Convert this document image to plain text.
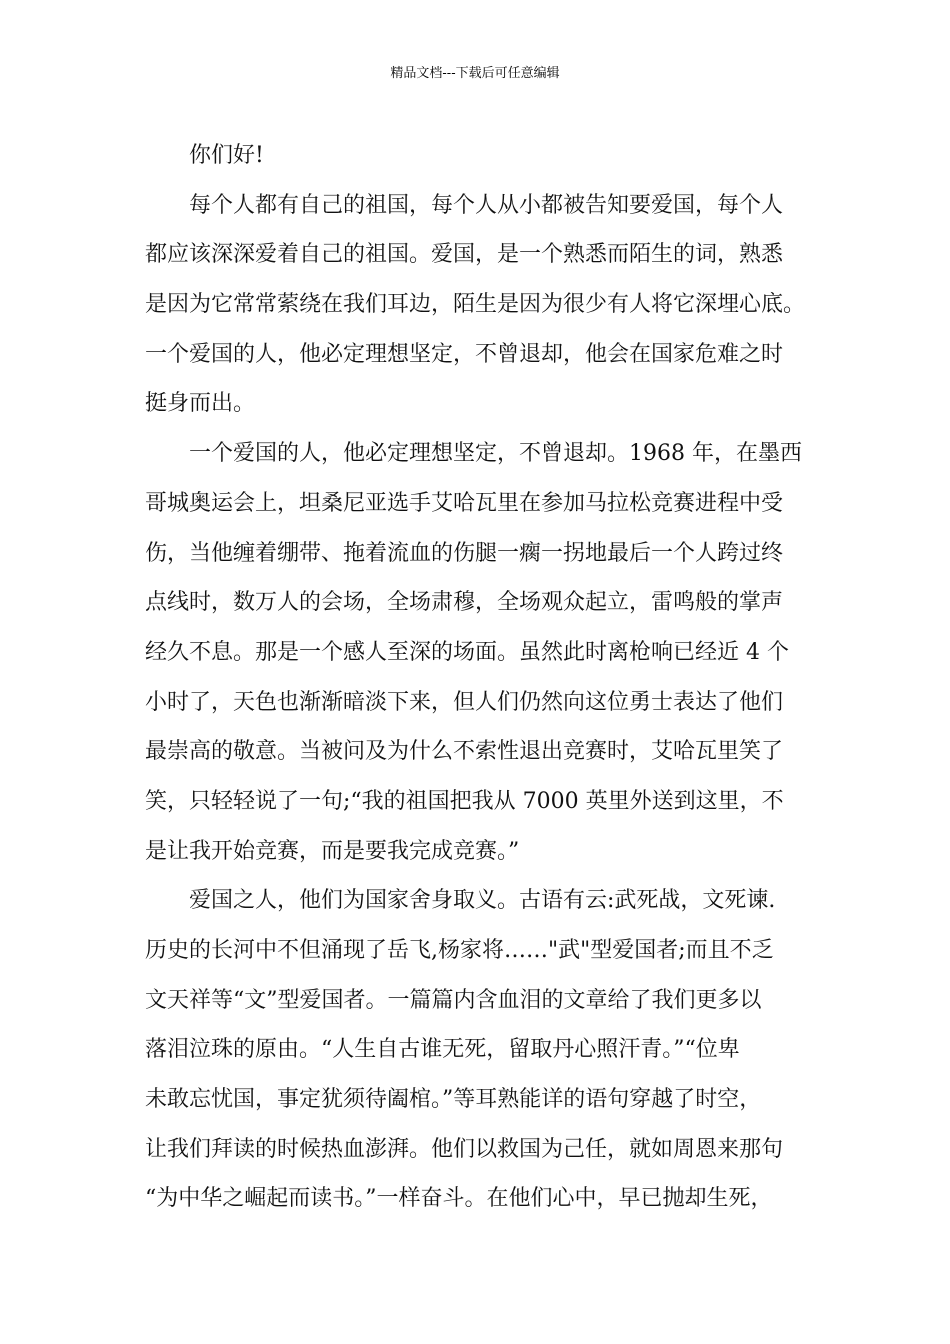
精品文档---下载后可任意编辑
你们好!
每个人都有自己的祖国，每个人从小都被告知要爱国，每个人
都应该深深爱着自己的祖国。爱国，是一个熟悉而陌生的词，熟悉
是因为它常常萦绕在我们耳边，陌生是因为很少有人将它深埋心底。
一个爱国的人，他必定理想坚定，不曾退却，他会在国家危难之时
挺身而出。
一个爱国的人，他必定理想坚定，不曾退却。1968 年，在墨西
哥城奥运会上，坦桑尼亚选手艾哈瓦里在参加马拉松竞赛进程中受
伤，当他缠着绷带、拖着流血的伤腿一瘸一拐地最后一个人跨过终
点线时，数万人的会场，全场肃穆，全场观众起立，雷鸣般的掌声
经久不息。那是一个感人至深的场面。虽然此时离枪响已经近 4 个
小时了，天色也渐渐暗淡下来，但人们仍然向这位勇士表达了他们
最崇高的敬意。当被问及为什么不索性退出竞赛时，艾哈瓦里笑了
笑，只轻轻说了一句;“我的祖国把我从 7000 英里外送到这里，不
是让我开始竞赛，而是要我完成竞赛。”
爱国之人，他们为国家舍身取义。古语有云:武死战，文死谏.
历史的长河中不但涌现了岳飞,杨家将……"武"型爱国者;而且不乏
文天祥等“文”型爱国者。一篇篇内含血泪的文章给了我们更多以
落泪泣珠的原由。“人生自古谁无死，留取丹心照汗青。”“位卑
未敢忘忧国，事定犹须待阖棺。”等耳熟能详的语句穿越了时空，
让我们拜读的时候热血澎湃。他们以救国为己任，就如周恩来那句
“为中华之崛起而读书。”一样奋斗。在他们心中，早已抛却生死，
